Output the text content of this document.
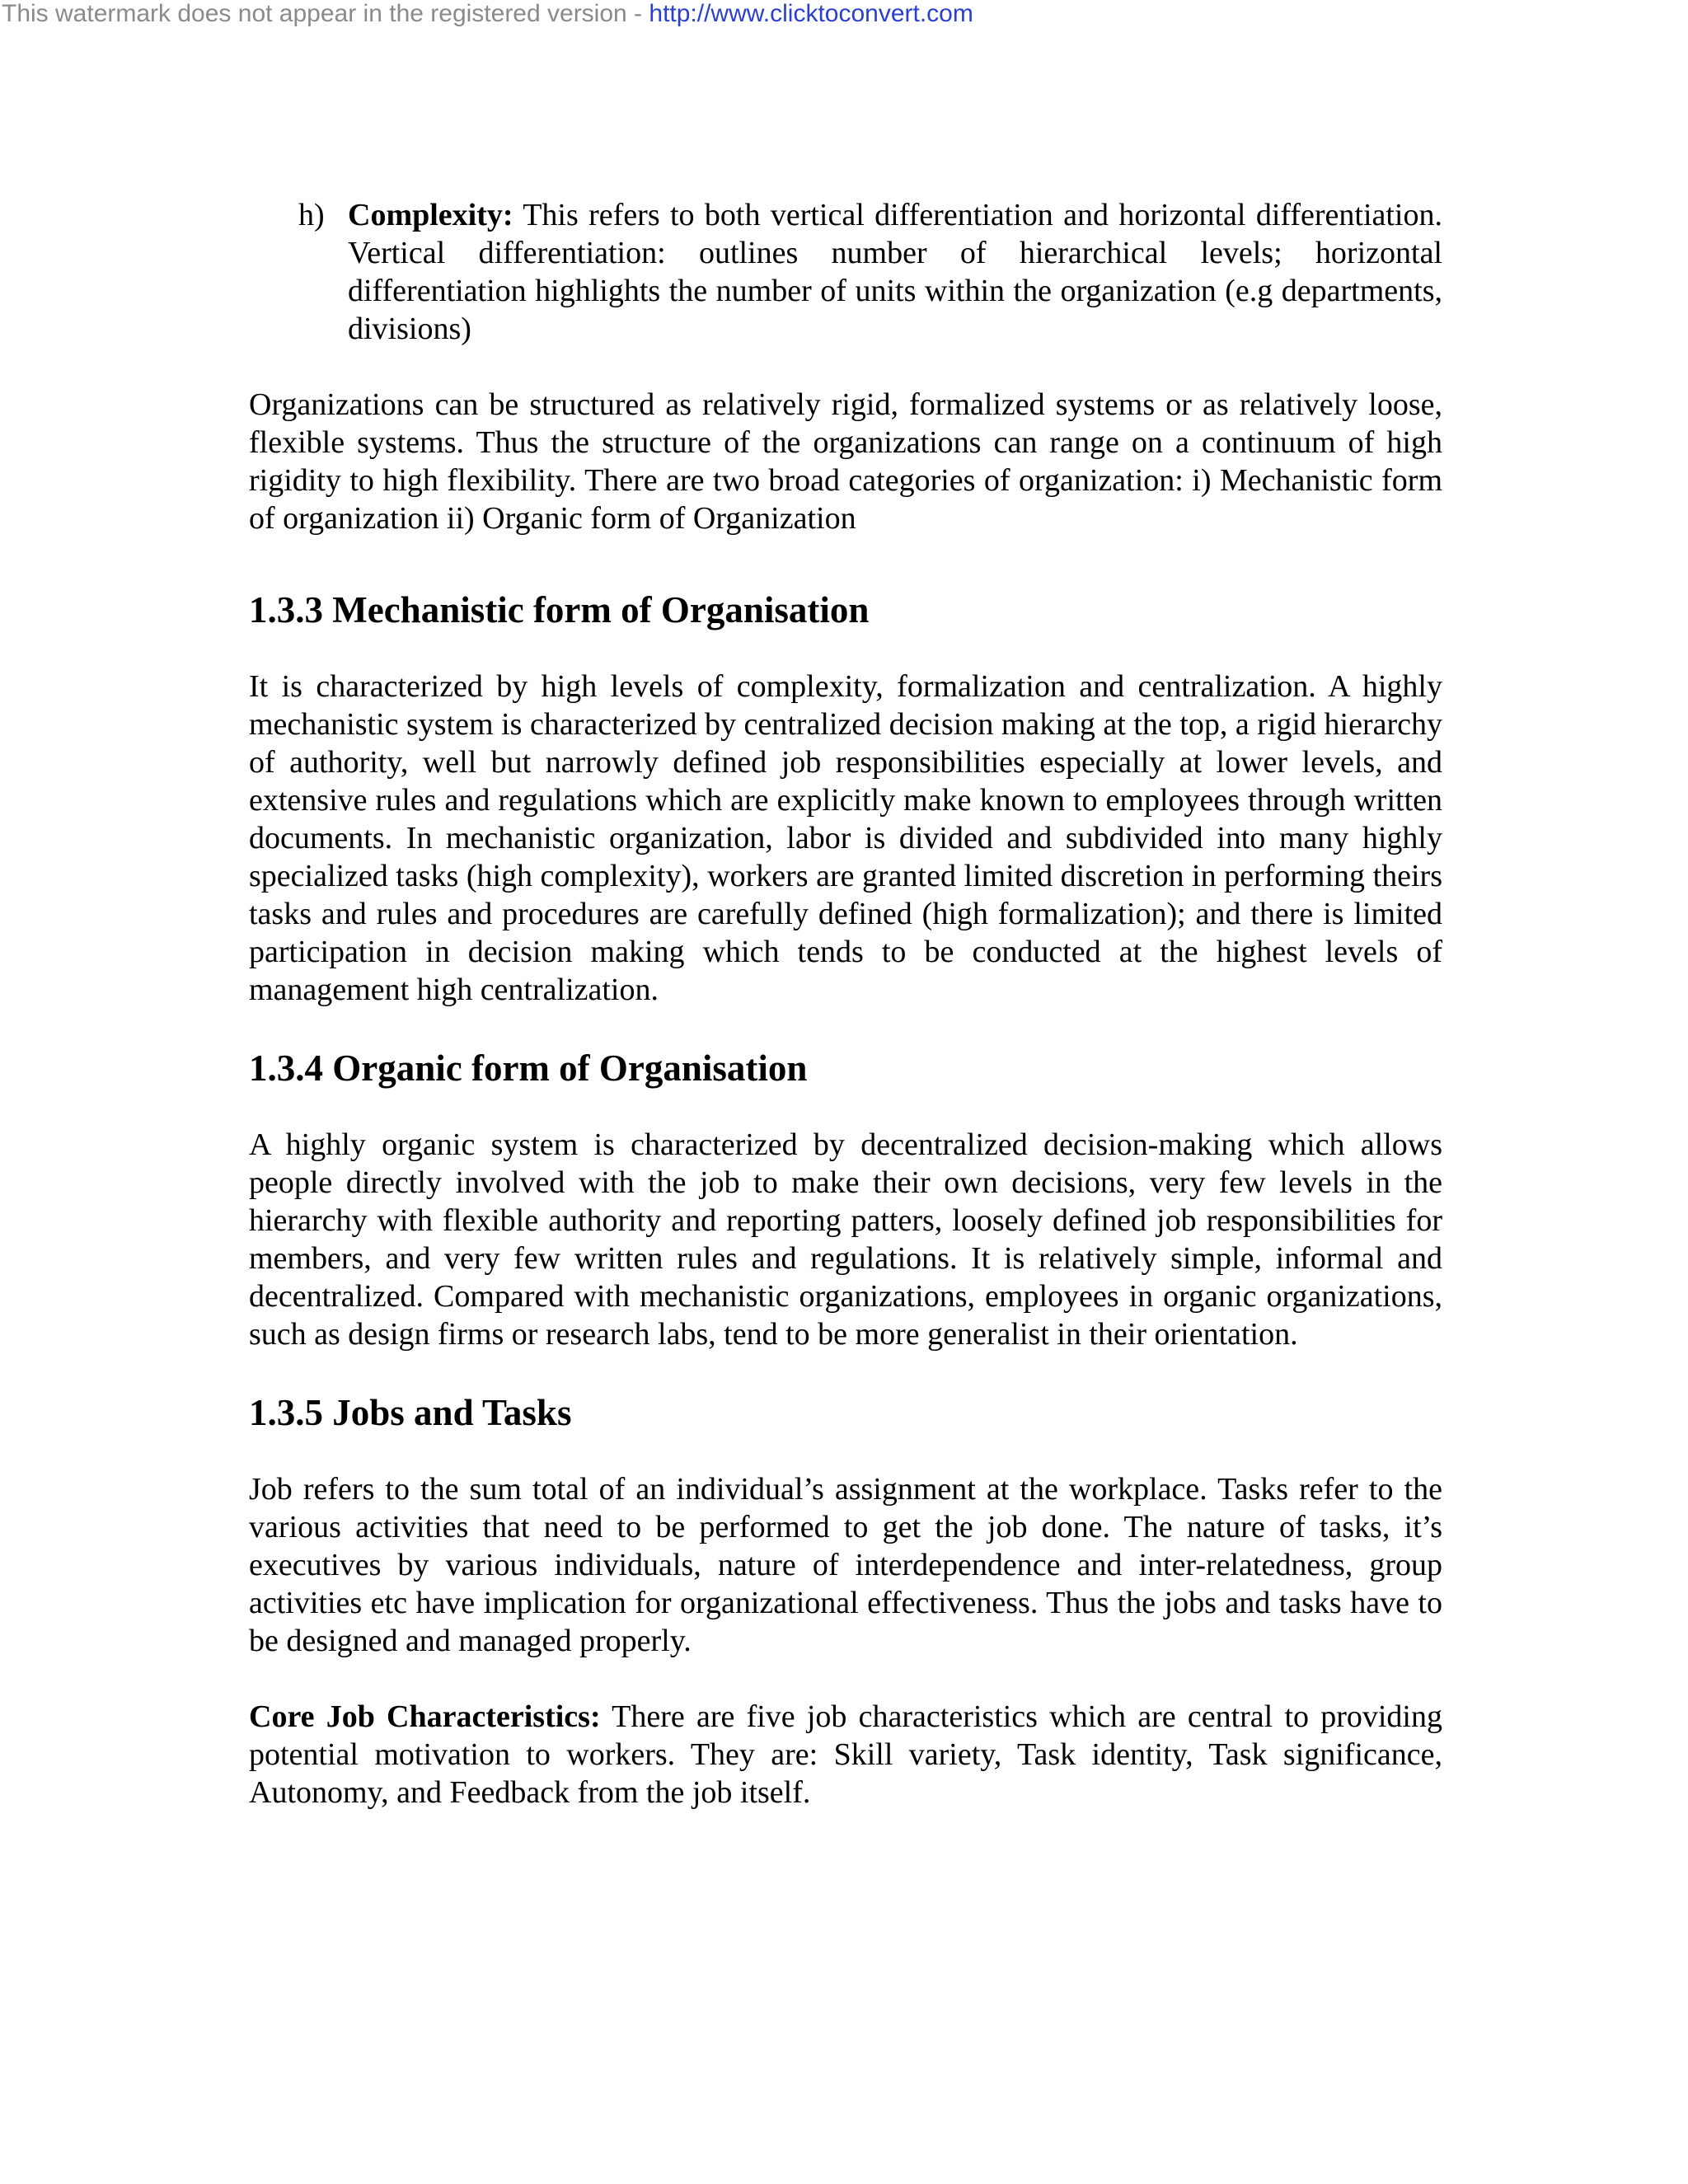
This watermark does not appear in the registered version - http://www.clicktoconvert.com
h) Complexity: This refers to both vertical differentiation and horizontal differentiation. Vertical differentiation: outlines number of hierarchical levels; horizontal differentiation highlights the number of units within the organization (e.g departments, divisions)

Organizations can be structured as relatively rigid, formalized systems or as relatively loose, flexible systems. Thus the structure of the organizations can range on a continuum of high rigidity to high flexibility. There are two broad categories of organization: i) Mechanistic form of organization ii) Organic form of Organization

1.3.3 Mechanistic form of Organisation

It is characterized by high levels of complexity, formalization and centralization. A highly mechanistic system is characterized by centralized decision making at the top, a rigid hierarchy of authority, well but narrowly defined job responsibilities especially at lower levels, and extensive rules and regulations which are explicitly make known to employees through written documents. In mechanistic organization, labor is divided and subdivided into many highly specialized tasks (high complexity), workers are granted limited discretion in performing theirs tasks and rules and procedures are carefully defined (high formalization); and there is limited participation in decision making which tends to be conducted at the highest levels of management high centralization.

1.3.4 Organic form of Organisation

A highly organic system is characterized by decentralized decision-making which allows people directly involved with the job to make their own decisions, very few levels in the hierarchy with flexible authority and reporting patters, loosely defined job responsibilities for members, and very few written rules and regulations. It is relatively simple, informal and decentralized. Compared with mechanistic organizations, employees in organic organizations, such as design firms or research labs, tend to be more generalist in their orientation.

1.3.5 Jobs and Tasks

Job refers to the sum total of an individual’s assignment at the workplace. Tasks refer to the various activities that need to be performed to get the job done. The nature of tasks, it’s executives by various individuals, nature of interdependence and inter-relatedness, group activities etc have implication for organizational effectiveness. Thus the jobs and tasks have to be designed and managed properly.

Core Job Characteristics: There are five job characteristics which are central to providing potential motivation to workers. They are: Skill variety, Task identity, Task significance, Autonomy, and Feedback from the job itself.
